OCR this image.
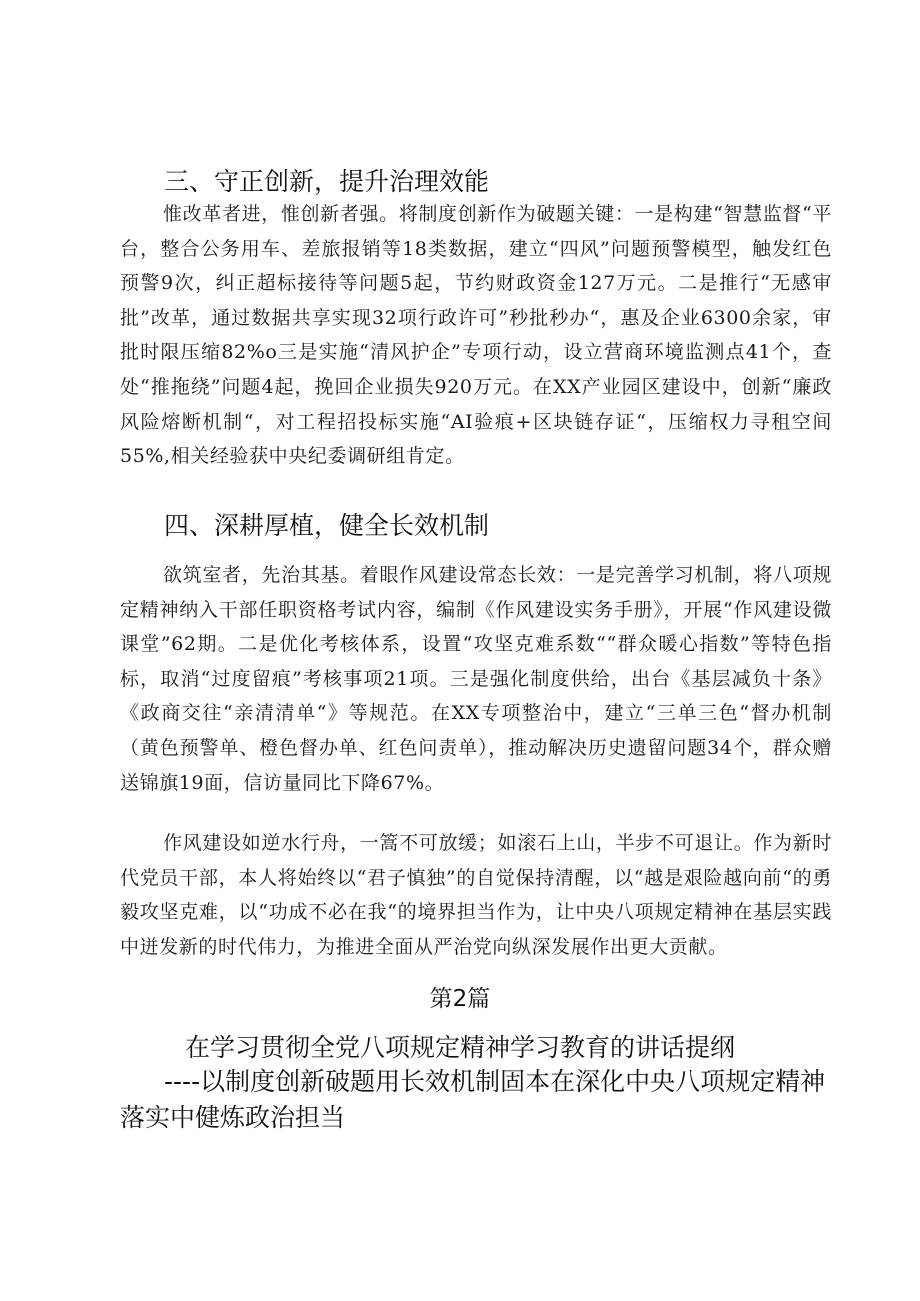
三、守正创新，提升治理效能
惟改革者进，惟创新者强。将制度创新作为破题关键：一是构建“智慧监督“平台，整合公务用车、差旅报销等18类数据，建立“四风”问题预警模型，触发红色预警9次，纠正超标接待等问题5起，节约财政资金127万元。二是推行“无感审批”改革，通过数据共享实现32项行政许可”秒批秒办“，惠及企业6300余家，审批时限压缩82%o三是实施“清风护企”专项行动，设立营商环境监测点41个，查处“推拖绕”问题4起，挽回企业损失920万元。在XX产业园区建设中，创新“廉政风险熔断机制“，对工程招投标实施“AI验痕+区块链存证“，压缩权力寻租空间55%,相关经验获中央纪委调研组肯定。
四、深耕厚植，健全长效机制
欲筑室者，先治其基。着眼作风建设常态长效：一是完善学习机制，将八项规定精神纳入干部任职资格考试内容，编制《作风建设实务手册》，开展“作风建设微课堂”62期。二是优化考核体系，设置“攻坚克难系数““群众暖心指数”等特色指标，取消“过度留痕”考核事项21项。三是强化制度供给，出台《基层减负十条》《政商交往“亲清清单“》等规范。在XX专项整治中，建立“三单三色“督办机制（黄色预警单、橙色督办单、红色问责单），推动解决历史遗留问题34个，群众赠送锦旗19面，信访量同比下降67%。
作风建设如逆水行舟，一篙不可放缓；如滚石上山，半步不可退让。作为新时代党员干部，本人将始终以“君子慎独”的自觉保持清醒，以“越是艰险越向前“的勇毅攻坚克难，以“功成不必在我“的境界担当作为，让中央八项规定精神在基层实践中迸发新的时代伟力，为推进全面从严治党向纵深发展作出更大贡献。
第2篇
在学习贯彻全党八项规定精神学习教育的讲话提纲
----以制度创新破题用长效机制固本在深化中央八项规定精神
落实中健炼政治担当
